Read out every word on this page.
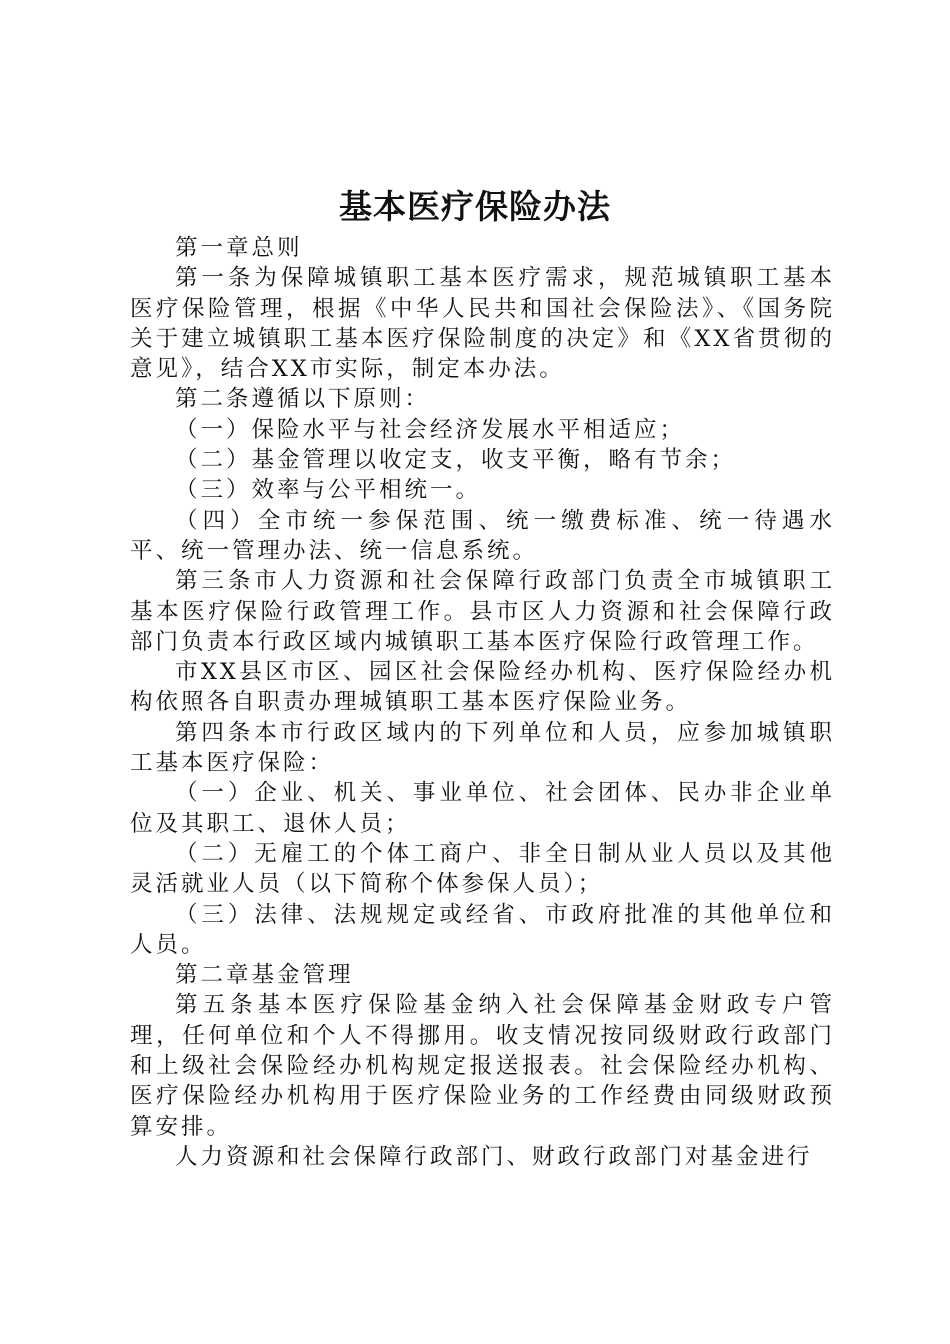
基本医疗保险办法

第一章总则

第一条为保障城镇职工基本医疗需求，规范城镇职工基本医疗保险管理，根据《中华人民共和国社会保险法》、《国务院关于建立城镇职工基本医疗保险制度的决定》和《XX省贯彻的意见》，结合XX市实际，制定本办法。

第二条遵循以下原则：

（一）保险水平与社会经济发展水平相适应；

（二）基金管理以收定支，收支平衡，略有节余；

（三）效率与公平相统一。

（四）全市统一参保范围、统一缴费标准、统一待遇水平、统一管理办法、统一信息系统。

第三条市人力资源和社会保障行政部门负责全市城镇职工基本医疗保险行政管理工作。县市区人力资源和社会保障行政部门负责本行政区域内城镇职工基本医疗保险行政管理工作。

市XX县区市区、园区社会保险经办机构、医疗保险经办机构依照各自职责办理城镇职工基本医疗保险业务。

第四条本市行政区域内的下列单位和人员，应参加城镇职工基本医疗保险：

（一）企业、机关、事业单位、社会团体、民办非企业单位及其职工、退休人员；

（二）无雇工的个体工商户、非全日制从业人员以及其他灵活就业人员（以下简称个体参保人员）；

（三）法律、法规规定或经省、市政府批准的其他单位和人员。

第二章基金管理

第五条基本医疗保险基金纳入社会保障基金财政专户管理，任何单位和个人不得挪用。收支情况按同级财政行政部门和上级社会保险经办机构规定报送报表。社会保险经办机构、医疗保险经办机构用于医疗保险业务的工作经费由同级财政预算安排。

人力资源和社会保障行政部门、财政行政部门对基金进行
